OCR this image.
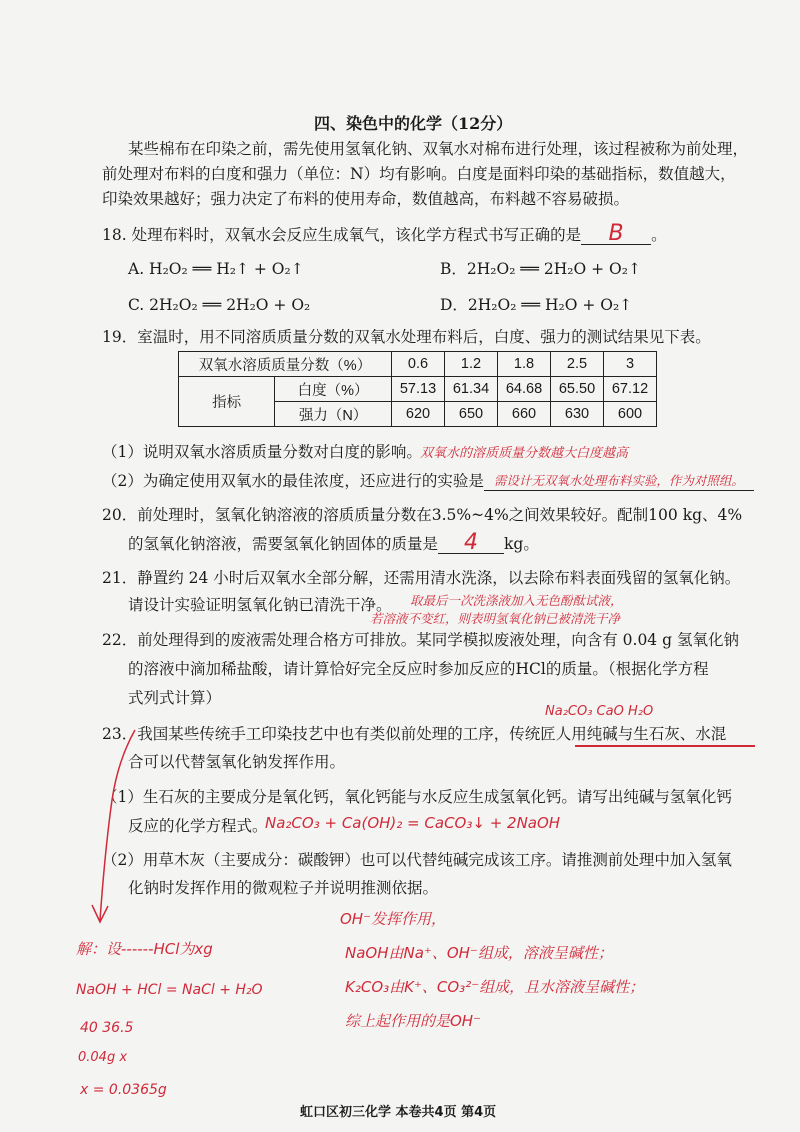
四、染色中的化学（12分）
某些棉布在印染之前，需先使用氢氧化钠、双氧水对棉布进行处理，该过程被称为前处理，
前处理对布料的白度和强力（单位：N）均有影响。白度是面料印染的基础指标，数值越大，
印染效果越好；强力决定了布料的使用寿命，数值越高，布料越不容易破损。
18. 处理布料时，双氧水会反应生成氧气，该化学方程式书写正确的是 B 。
A. H₂O₂ ══ H₂↑ + O₂↑	B．2H₂O₂ ══ 2H₂O + O₂↑
C. 2H₂O₂ ══ 2H₂O + O₂	D．2H₂O₂ ══ H₂O + O₂↑
19．室温时，用不同溶质质量分数的双氧水处理布料后，白度、强力的测试结果见下表。
双氧水溶质质量分数（%）		0.6	1.2	1.8	2.5	3
指标	白度（%）	57.13	61.34	64.68	65.50	67.12
	强力（N）	620	650	660	630	600
（1）说明双氧水溶质质量分数对白度的影响。
双氧水的溶质质量分数越大白度越高
（2）为确定使用双氧水的最佳浓度，还应进行的实验是 需设计无双氧水处理布料实验，作为对照组。
20．前处理时，氢氧化钠溶液的溶质质量分数在3.5%~4%之间效果较好。配制100 kg、4%
的氢氧化钠溶液，需要氢氧化钠固体的质量是 4 kg。
21．静置约 24 小时后双氧水全部分解，还需用清水洗涤，以去除布料表面残留的氢氧化钠。
请设计实验证明氢氧化钠已清洗干净。 取最后一次洗涤液加入无色酚酞试液，
若溶液不变红，则表明氢氧化钠已被清洗干净
22．前处理得到的废液需处理合格方可排放。某同学模拟废液处理，向含有 0.04 g 氢氧化钠
的溶液中滴加稀盐酸，请计算恰好完全反应时参加反应的HCl的质量。（根据化学方程
式列式计算）
Na₂CO₃ CaO H₂O
23．我国某些传统手工印染技艺中也有类似前处理的工序，传统匠人用纯碱与生石灰、水混
合可以代替氢氧化钠发挥作用。
（1）生石灰的主要成分是氧化钙，氧化钙能与水反应生成氢氧化钙。请写出纯碱与氢氧化钙
反应的化学方程式。
Na₂CO₃ + Ca(OH)₂ = CaCO₃↓ + 2NaOH
（2）用草木灰（主要成分：碳酸钾）也可以代替纯碱完成该工序。请推测前处理中加入氢氧
化钠时发挥作用的微观粒子并说明推测依据。
解：设------HCl为xg
NaOH + HCl = NaCl + H₂O
40 36.5
0.04g x
x = 0.0365g
OH⁻发挥作用，
NaOH由Na⁺、OH⁻组成，溶液呈碱性；
K₂CO₃由K⁺、CO₃²⁻组成，且水溶液呈碱性；
综上起作用的是OH⁻
虹口区初三化学 本卷共4页 第4页
